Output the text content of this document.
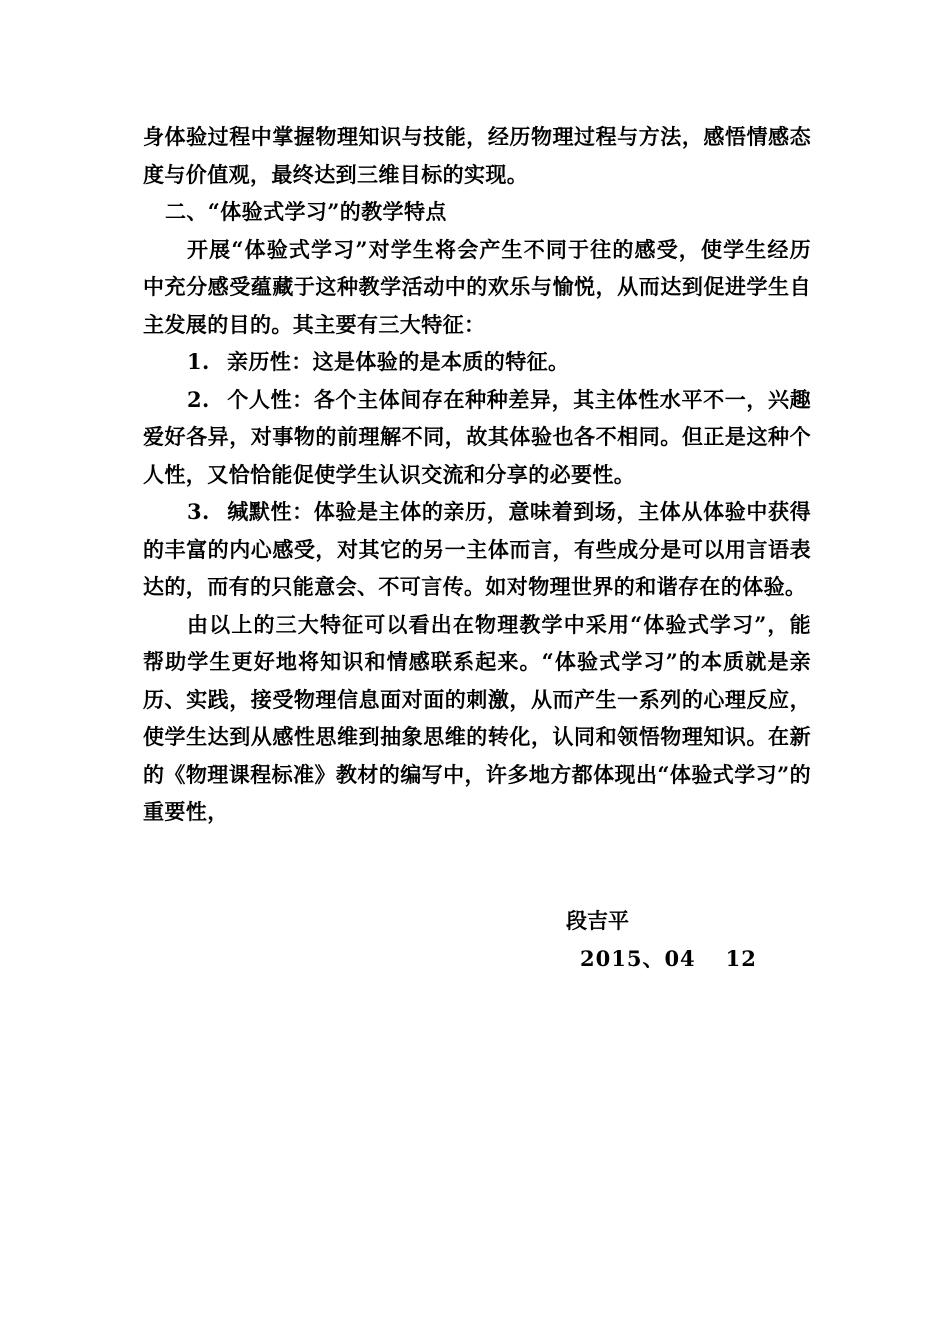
身体验过程中掌握物理知识与技能，经历物理过程与方法，感悟情感态度与价值观，最终达到三维目标的实现。

二、“体验式学习”的教学特点

开展“体验式学习”对学生将会产生不同于往的感受，使学生经历中充分感受蕴藏于这种教学活动中的欢乐与愉悦，从而达到促进学生自主发展的目的。其主要有三大特征：

1. 亲历性：这是体验的是本质的特征。

2. 个人性：各个主体间存在种种差异，其主体性水平不一，兴趣爱好各异，对事物的前理解不同，故其体验也各不相同。但正是这种个人性，又恰恰能促使学生认识交流和分享的必要性。

3. 缄默性：体验是主体的亲历，意味着到场，主体从体验中获得的丰富的内心感受，对其它的另一主体而言，有些成分是可以用言语表达的，而有的只能意会、不可言传。如对物理世界的和谐存在的体验。

由以上的三大特征可以看出在物理教学中采用“体验式学习”，能帮助学生更好地将知识和情感联系起来。“体验式学习”的本质就是亲历、实践，接受物理信息面对面的刺激，从而产生一系列的心理反应，使学生达到从感性思维到抽象思维的转化，认同和领悟物理知识。在新的《物理课程标准》教材的编写中，许多地方都体现出“体验式学习”的重要性，

段吉平
2015、04 12
